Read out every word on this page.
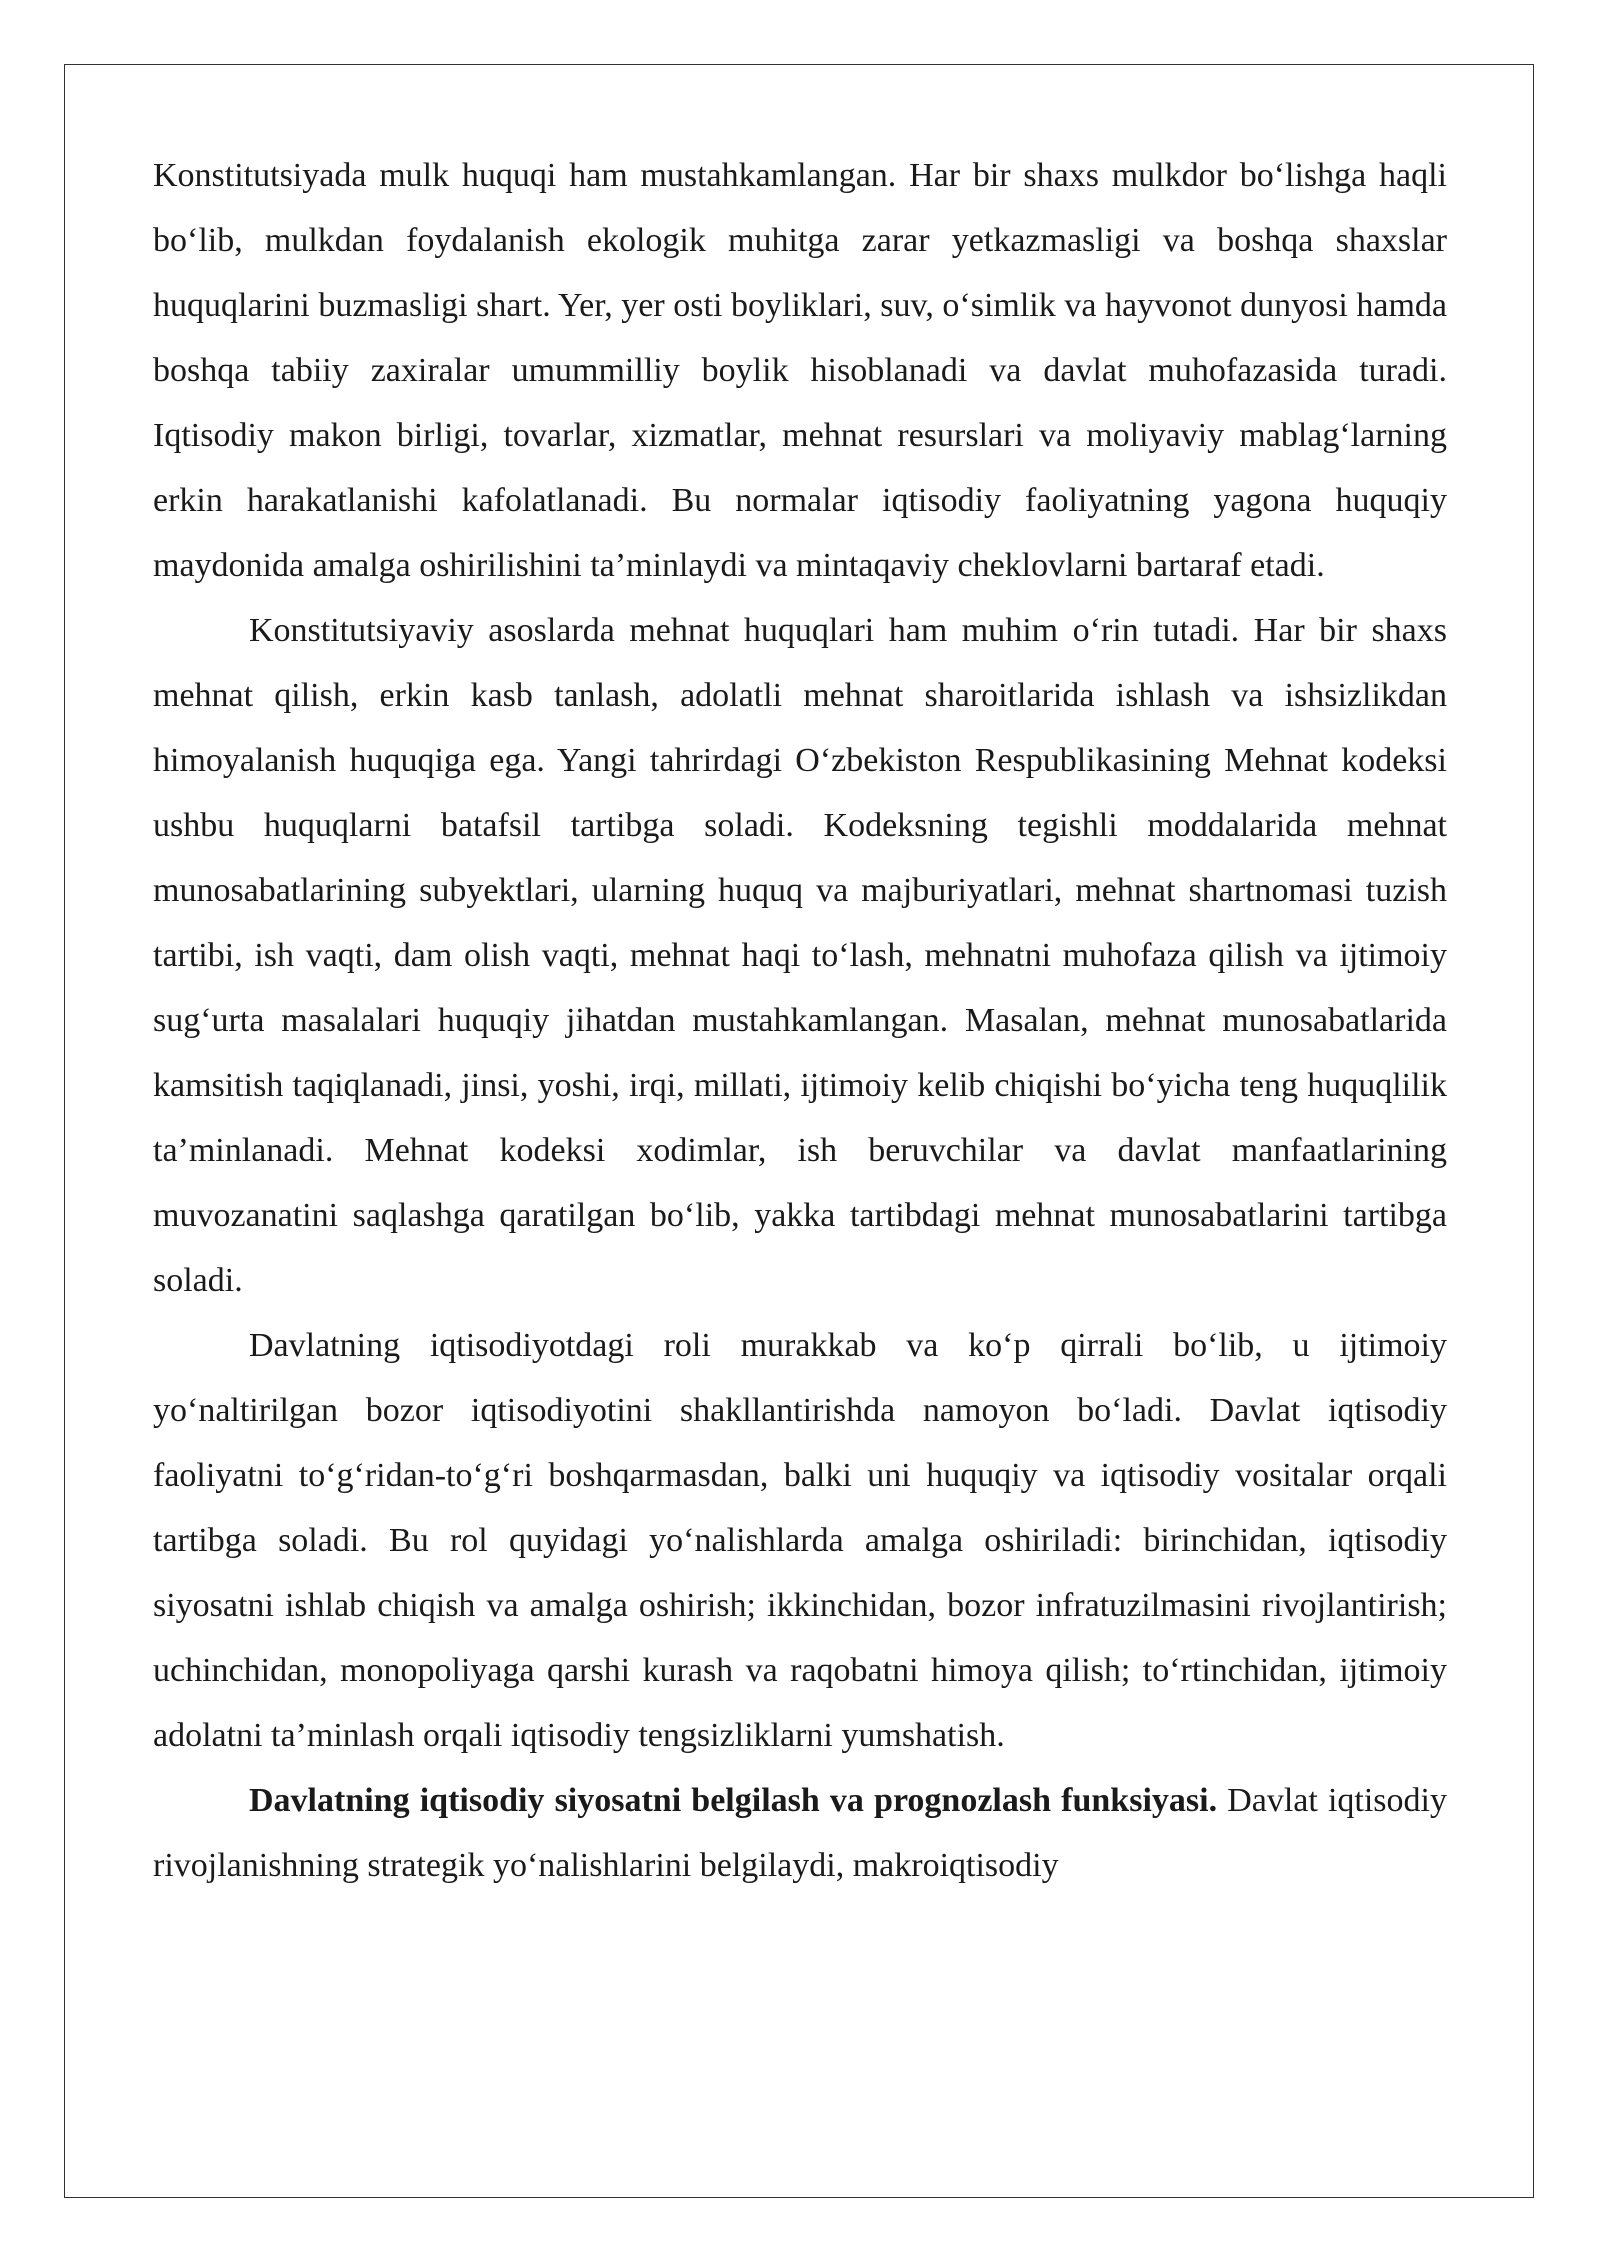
Konstitutsiyada mulk huquqi ham mustahkamlangan. Har bir shaxs mulkdor bo‘lishga haqli bo‘lib, mulkdan foydalanish ekologik muhitga zarar yetkazmasligi va boshqa shaxslar huquqlarini buzmasligi shart. Yer, yer osti boyliklari, suv, o‘simlik va hayvonot dunyosi hamda boshqa tabiiy zaxiralar umummilliy boylik hisoblanadi va davlat muhofazasida turadi. Iqtisodiy makon birligi, tovarlar, xizmatlar, mehnat resurslari va moliyaviy mablag‘larning erkin harakatlanishi kafolatlanadi. Bu normalar iqtisodiy faoliyatning yagona huquqiy maydonida amalga oshirilishini ta’minlaydi va mintaqaviy cheklovlarni bartaraf etadi.

Konstitutsiyaviy asoslarda mehnat huquqlari ham muhim o‘rin tutadi. Har bir shaxs mehnat qilish, erkin kasb tanlash, adolatli mehnat sharoitlarida ishlash va ishsizlikdan himoyalanish huquqiga ega. Yangi tahrirdagi O‘zbekiston Respublikasining Mehnat kodeksi ushbu huquqlarni batafsil tartibga soladi. Kodeksning tegishli moddalarida mehnat munosabatlarining subyektlari, ularning huquq va majburiyatlari, mehnat shartnomasi tuzish tartibi, ish vaqti, dam olish vaqti, mehnat haqi to‘lash, mehnatni muhofaza qilish va ijtimoiy sug‘urta masalalari huquqiy jihatdan mustahkamlangan. Masalan, mehnat munosabatlarida kamsitish taqiqlanadi, jinsi, yoshi, irqi, millati, ijtimoiy kelib chiqishi bo‘yicha teng huquqlilik ta’minlanadi. Mehnat kodeksi xodimlar, ish beruvchilar va davlat manfaatlarining muvozanatini saqlashga qaratilgan bo‘lib, yakka tartibdagi mehnat munosabatlarini tartibga soladi.

Davlatning iqtisodiyotdagi roli murakkab va ko‘p qirrali bo‘lib, u ijtimoiy yo‘naltirilgan bozor iqtisodiyotini shakllantirishda namoyon bo‘ladi. Davlat iqtisodiy faoliyatni to‘g‘ridan-to‘g‘ri boshqarmasdan, balki uni huquqiy va iqtisodiy vositalar orqali tartibga soladi. Bu rol quyidagi yo‘nalishlarda amalga oshiriladi: birinchidan, iqtisodiy siyosatni ishlab chiqish va amalga oshirish; ikkinchidan, bozor infratuzilmasini rivojlantirish; uchinchidan, monopoliyaga qarshi kurash va raqobatni himoya qilish; to‘rtinchidan, ijtimoiy adolatni ta’minlash orqali iqtisodiy tengsizliklarni yumshatish.

Davlatning iqtisodiy siyosatni belgilash va prognozlash funksiyasi. Davlat iqtisodiy rivojlanishning strategik yo‘nalishlarini belgilaydi, makroiqtisodiy
